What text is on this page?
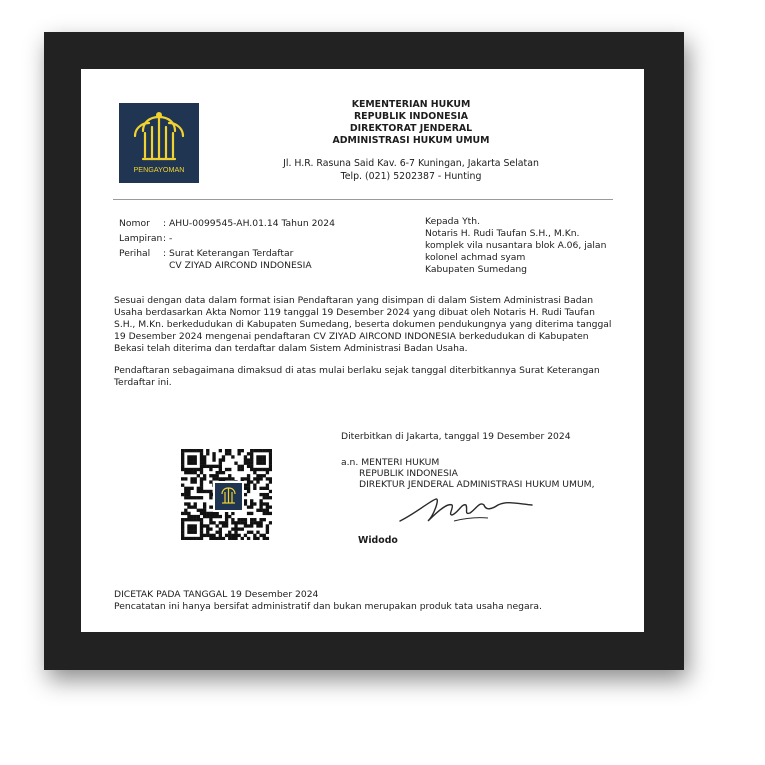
PENGAYOMAN
KEMENTERIAN HUKUM
REPUBLIK INDONESIA
DIREKTORAT JENDERAL
ADMINISTRASI HUKUM UMUM
Jl. H.R. Rasuna Said Kav. 6-7 Kuningan, Jakarta Selatan
Telp. (021) 5202387 - Hunting
Nomor	: AHU-0099545-AH.01.14 Tahun 2024
Lampiran : -
Perihal	: Surat Keterangan Terdaftar
CV ZIYAD AIRCOND INDONESIA
Kepada Yth.
Notaris H. Rudi Taufan S.H., M.Kn.
komplek vila nusantara blok A.06, jalan
kolonel achmad syam
Kabupaten Sumedang

Sesuai dengan data dalam format isian Pendaftaran yang disimpan di dalam Sistem Administrasi Badan Usaha berdasarkan Akta Nomor 119 tanggal 19 Desember 2024 yang dibuat oleh Notaris H. Rudi Taufan S.H., M.Kn. berkedudukan di Kabupaten Sumedang, beserta dokumen pendukungnya yang diterima tanggal 19 Desember 2024 mengenai pendaftaran CV ZIYAD AIRCOND INDONESIA berkedudukan di Kabupaten Bekasi telah diterima dan terdaftar dalam Sistem Administrasi Badan Usaha.

Pendaftaran sebagaimana dimaksud di atas mulai berlaku sejak tanggal diterbitkannya Surat Keterangan Terdaftar ini.

Diterbitkan di Jakarta, tanggal 19 Desember 2024
a.n. MENTERI HUKUM
REPUBLIK INDONESIA
DIREKTUR JENDERAL ADMINISTRASI HUKUM UMUM,
Widodo
DICETAK PADA TANGGAL 19 Desember 2024
Pencatatan ini hanya bersifat administratif dan bukan merupakan produk tata usaha negara.
